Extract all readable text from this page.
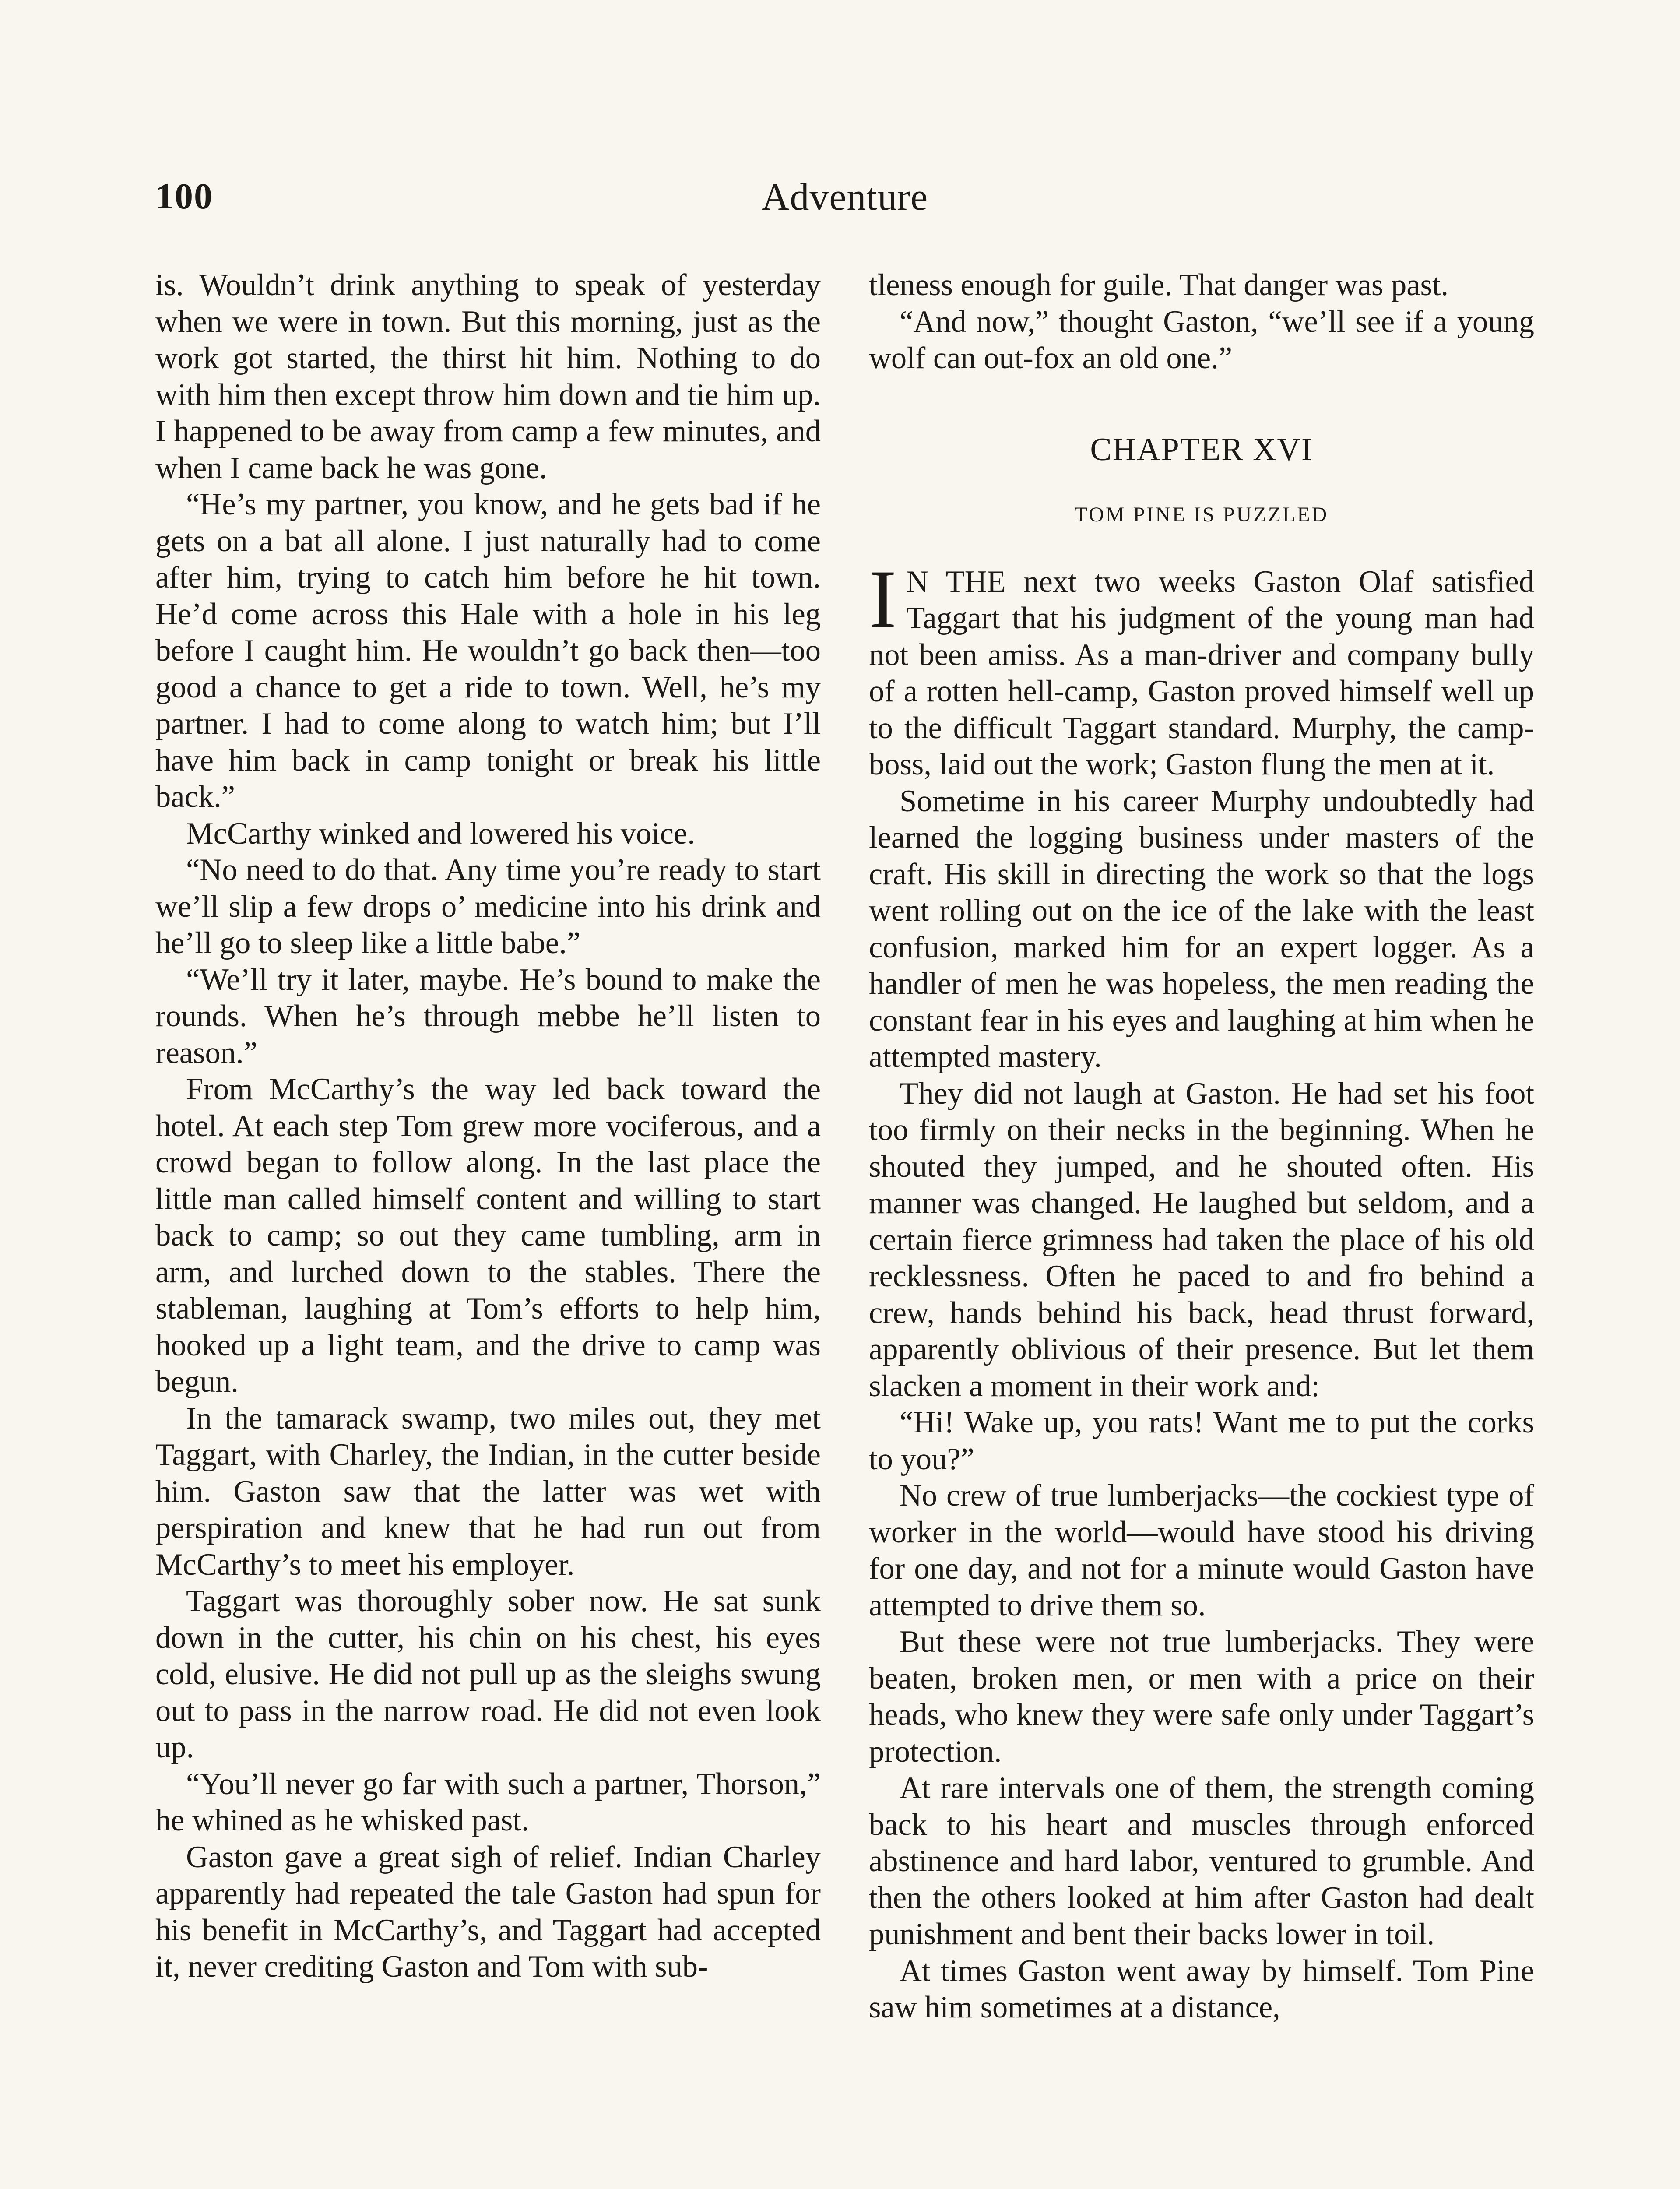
100	Adventure

is. Wouldn’t drink anything to speak of yesterday when we were in town. But this morning, just as the work got started, the thirst hit him. Nothing to do with him then except throw him down and tie him up. I happened to be away from camp a few minutes, and when I came back he was gone.

“He’s my partner, you know, and he gets bad if he gets on a bat all alone. I just naturally had to come after him, trying to catch him before he hit town. He’d come across this Hale with a hole in his leg before I caught him. He wouldn’t go back then—too good a chance to get a ride to town. Well, he’s my partner. I had to come along to watch him; but I’ll have him back in camp tonight or break his little back.”

McCarthy winked and lowered his voice.

“No need to do that. Any time you’re ready to start we’ll slip a few drops o’ medicine into his drink and he’ll go to sleep like a little babe.”

“We’ll try it later, maybe. He’s bound to make the rounds. When he’s through mebbe he’ll listen to reason.”

From McCarthy’s the way led back toward the hotel. At each step Tom grew more vociferous, and a crowd began to follow along. In the last place the little man called himself content and willing to start back to camp; so out they came tumbling, arm in arm, and lurched down to the stables. There the stableman, laughing at Tom’s efforts to help him, hooked up a light team, and the drive to camp was begun.

In the tamarack swamp, two miles out, they met Taggart, with Charley, the Indian, in the cutter beside him. Gaston saw that the latter was wet with perspiration and knew that he had run out from McCarthy’s to meet his employer.

Taggart was thoroughly sober now. He sat sunk down in the cutter, his chin on his chest, his eyes cold, elusive. He did not pull up as the sleighs swung out to pass in the narrow road. He did not even look up.

“You’ll never go far with such a partner, Thorson,” he whined as he whisked past.

Gaston gave a great sigh of relief. Indian Charley apparently had repeated the tale Gaston had spun for his benefit in McCarthy’s, and Taggart had accepted it, never crediting Gaston and Tom with sub-

tleness enough for guile. That danger was past.

“And now,” thought Gaston, “we’ll see if a young wolf can out-fox an old one.”

CHAPTER XVI
TOM PINE IS PUZZLED

IN THE next two weeks Gaston Olaf satisfied Taggart that his judgment of the young man had not been amiss. As a man-driver and company bully of a rotten hell-camp, Gaston proved himself well up to the difficult Taggart standard. Murphy, the camp-boss, laid out the work; Gaston flung the men at it.

Sometime in his career Murphy undoubtedly had learned the logging business under masters of the craft. His skill in directing the work so that the logs went rolling out on the ice of the lake with the least confusion, marked him for an expert logger. As a handler of men he was hopeless, the men reading the constant fear in his eyes and laughing at him when he attempted mastery.

They did not laugh at Gaston. He had set his foot too firmly on their necks in the beginning. When he shouted they jumped, and he shouted often. His manner was changed. He laughed but seldom, and a certain fierce grimness had taken the place of his old recklessness. Often he paced to and fro behind a crew, hands behind his back, head thrust forward, apparently oblivious of their presence. But let them slacken a moment in their work and:

“Hi! Wake up, you rats! Want me to put the corks to you?”

No crew of true lumberjacks—the cockiest type of worker in the world—would have stood his driving for one day, and not for a minute would Gaston have attempted to drive them so.

But these were not true lumberjacks. They were beaten, broken men, or men with a price on their heads, who knew they were safe only under Taggart’s protection.

At rare intervals one of them, the strength coming back to his heart and muscles through enforced abstinence and hard labor, ventured to grumble. And then the others looked at him after Gaston had dealt punishment and bent their backs lower in toil.

At times Gaston went away by himself. Tom Pine saw him sometimes at a distance,
